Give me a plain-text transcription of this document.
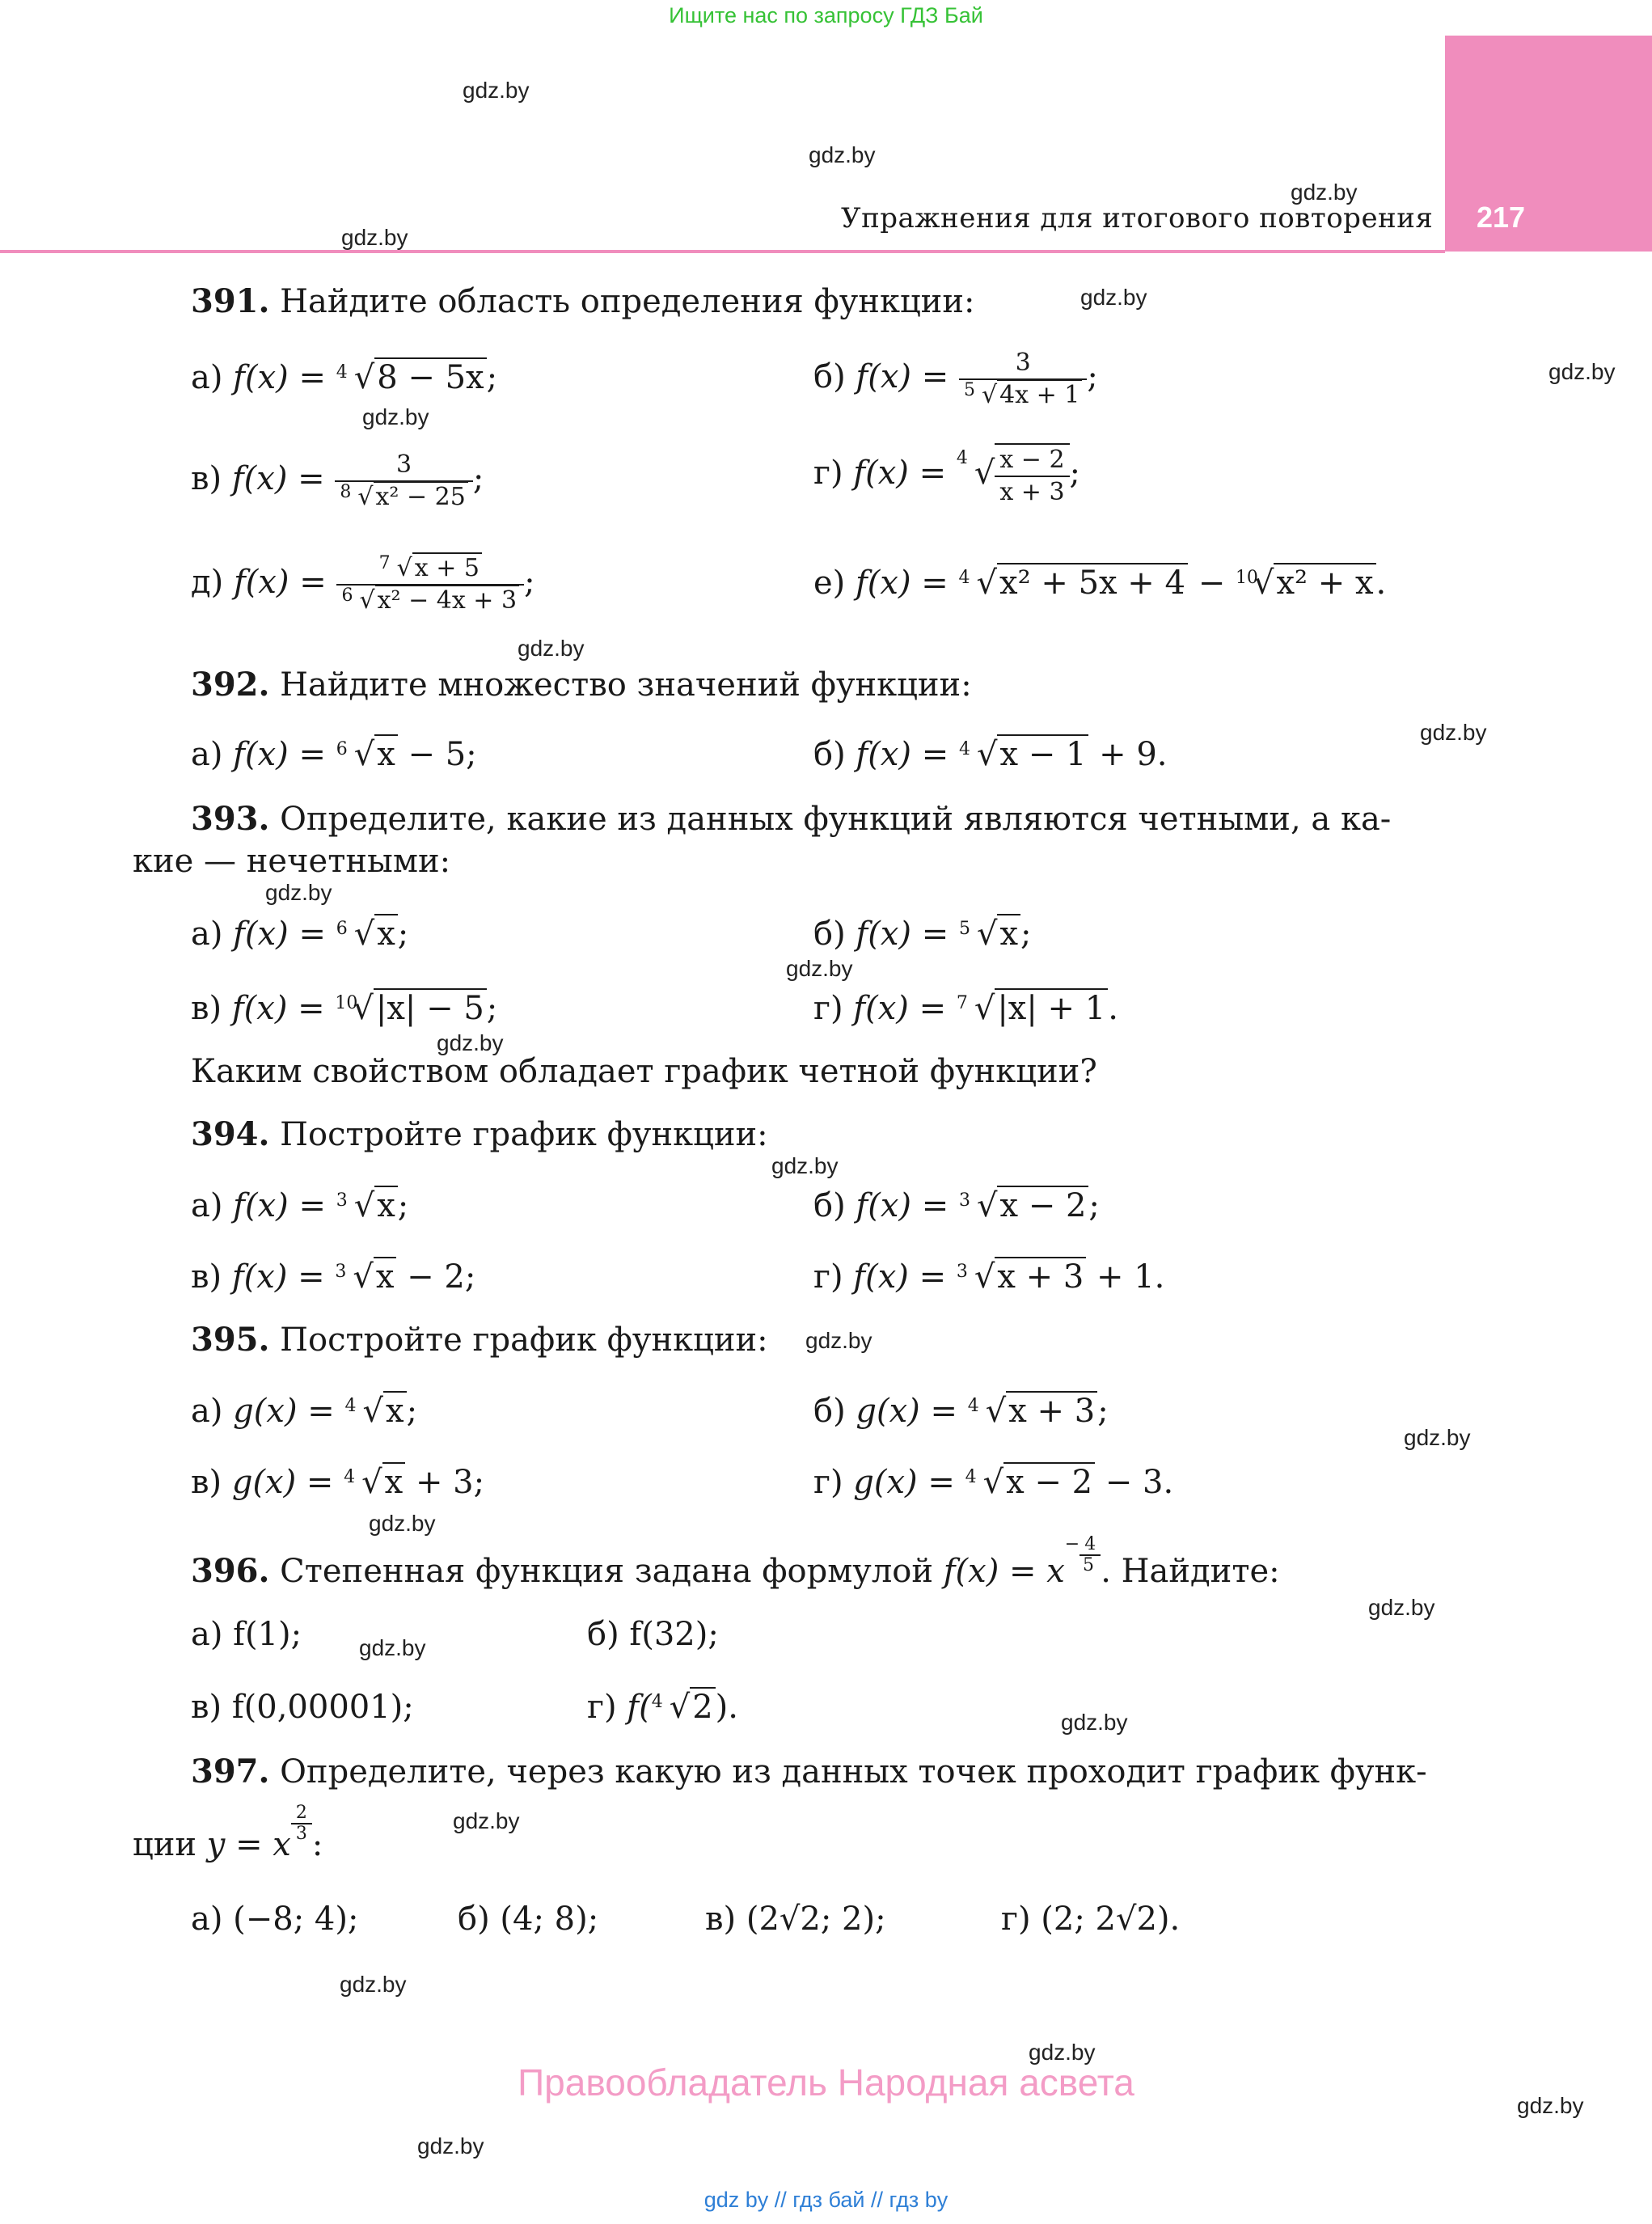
Ищите нас по запросу ГДЗ Бай
217
Упражнения для итогового повторения
gdz.by
gdz.by
gdz.by
gdz.by
gdz.by
gdz.by
gdz.by
gdz.by
gdz.by
gdz.by
gdz.by
gdz.by
gdz.by
gdz.by
gdz.by
gdz.by
gdz.by
gdz.by
gdz.by
gdz.by
gdz.by
gdz.by
gdz.by
gdz.by
391. Найдите область определения функции:
а) f(x) = 4 √8 − 5x;	б) $f(x) = \frac{3}{5 √ 4x + 1}$ ;
в) $f(x) = \frac{3}{\text{8 √ x² − 25}}$ ;	г) f(x) = 4 √ $\frac{x - 2}{x + 3}$ ;
д) $f(x) = \frac{7 √ x + 5}{\text{6 √ x² − 4x + 3}}$ ;	е) f(x) = 4 √x² + 5x + 4 − 10
√x² + x.
392. Найдите множество значений функции:
а) f(x) = 6 √x − 5;	б) f(x) = 4 √x − 1 + 9.
393. Определите, какие из данных функций являются четными, а ка-
кие — нечетными:
а) f(x) = 6 √x;	б) f(x) = 5 √x;
в) f(x) = 10
√|x| − 5;	г) f(x) = 7 √|x| + 1.
Каким свойством обладает график четной функции?
394. Постройте график функции:
а) f(x) = 3 √x;	б) f(x) = 3 √x − 2;
в) f(x) = 3 √x − 2;	г) f(x) = 3 √x + 3 + 1.
395. Постройте график функции:
а) g(x) = 4 √x;	б) g(x) = 4 √x + 3;
в) g(x) = 4 √x + 3;	г) g(x) = 4 √x − 2 − 3.
396. Степенная функция задана формулой f(x) = x− 4
5 . Найдите:
а) f(1);	б) f(32);
в) f(0,00001);	г) f( 4 √2).
397. Определите, через какую из данных точек проходит график функ-
ции y = x
$\frac{2}{3}$
:
а) (−8; 4);	б) (4; 8);	в) (2√2; 2);	г) (2; 2√2).
Правообладатель Народная асвета
gdz by // гдз бай // гдз by
